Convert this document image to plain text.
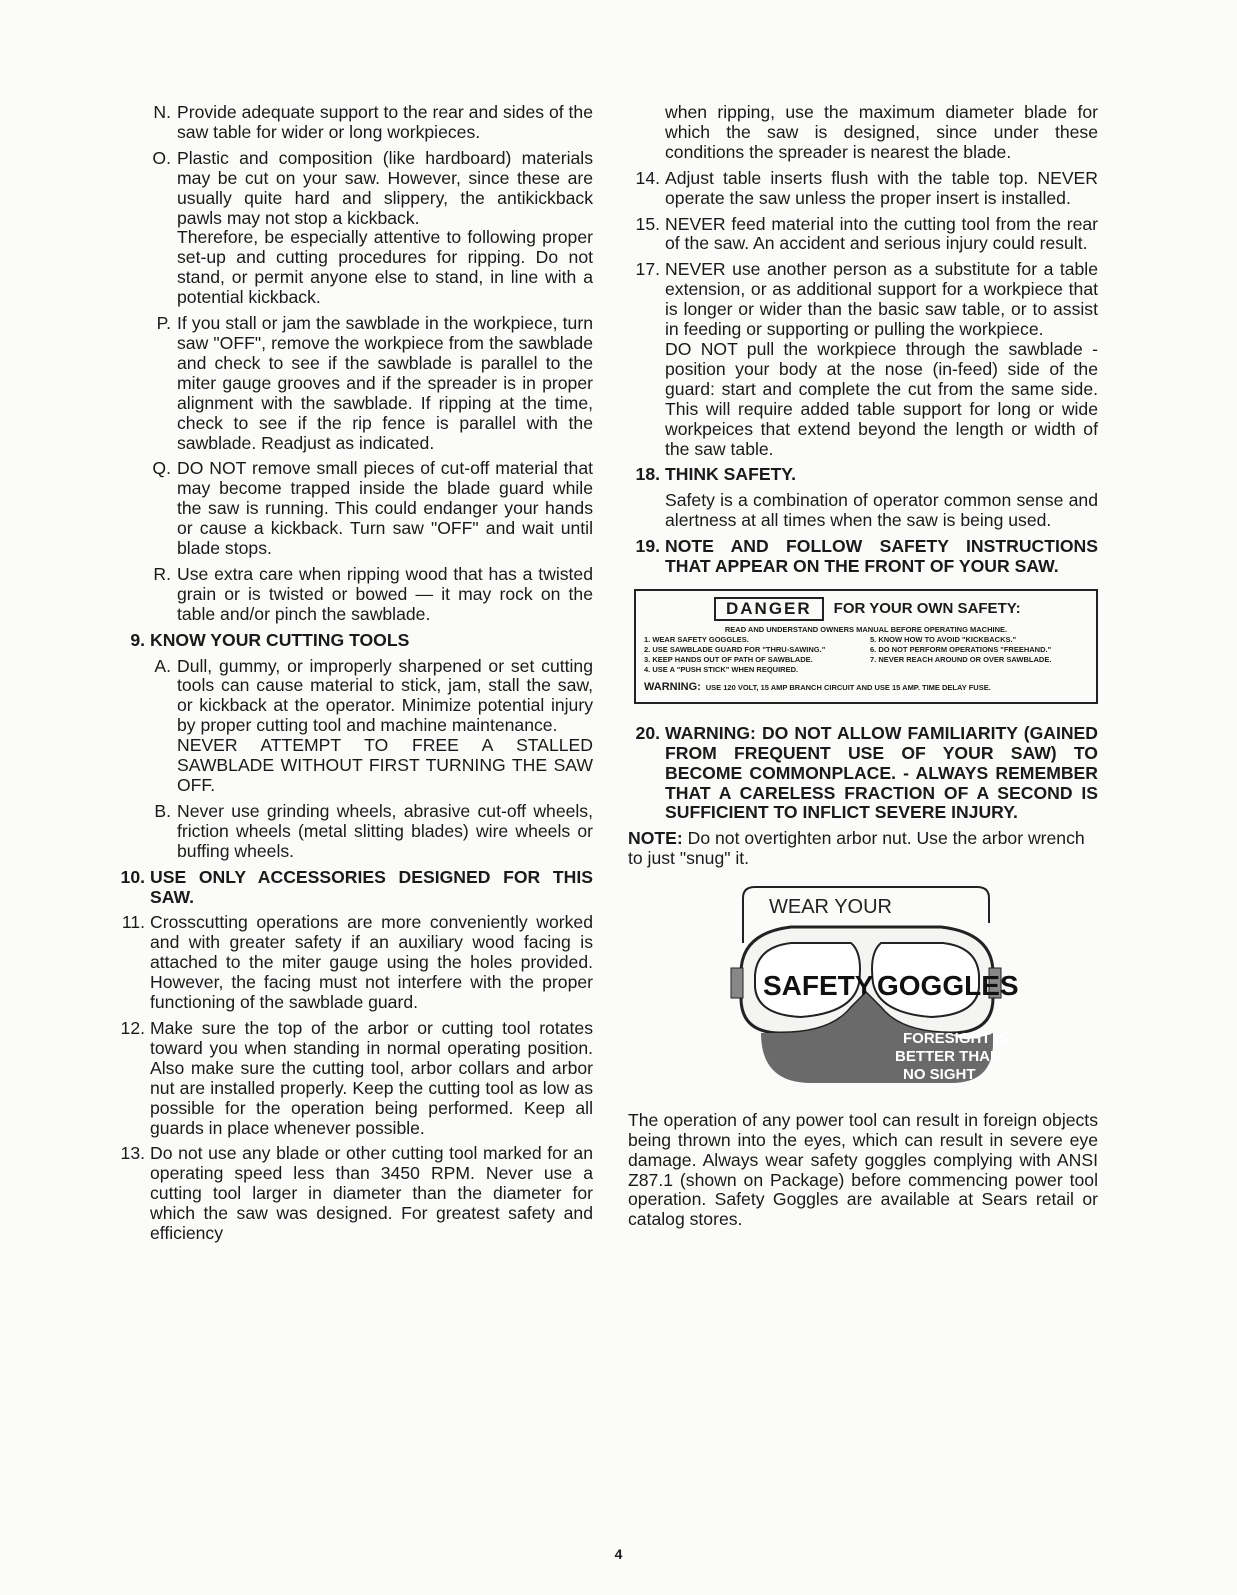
N. Provide adequate support to the rear and sides of the saw table for wider or long workpieces.

O. Plastic and composition (like hardboard) materials may be cut on your saw. However, since these are usually quite hard and slippery, the antikickback pawls may not stop a kickback.

Therefore, be especially attentive to following proper set-up and cutting procedures for ripping. Do not stand, or permit anyone else to stand, in line with a potential kickback.

P. If you stall or jam the sawblade in the workpiece, turn saw "OFF", remove the workpiece from the sawblade and check to see if the sawblade is parallel to the miter gauge grooves and if the spreader is in proper alignment with the sawblade. If ripping at the time, check to see if the rip fence is parallel with the sawblade. Readjust as indicated.

Q. DO NOT remove small pieces of cut-off material that may become trapped inside the blade guard while the saw is running. This could endanger your hands or cause a kickback. Turn saw "OFF" and wait until blade stops.

R. Use extra care when ripping wood that has a twisted grain or is twisted or bowed — it may rock on the table and/or pinch the sawblade.

9. KNOW YOUR CUTTING TOOLS

A. Dull, gummy, or improperly sharpened or set cutting tools can cause material to stick, jam, stall the saw, or kickback at the operator. Minimize potential injury by proper cutting tool and machine maintenance.

NEVER ATTEMPT TO FREE A STALLED SAWBLADE WITHOUT FIRST TURNING THE SAW OFF.

B. Never use grinding wheels, abrasive cut-off wheels, friction wheels (metal slitting blades) wire wheels or buffing wheels.

10. USE ONLY ACCESSORIES DESIGNED FOR THIS SAW.

11. Crosscutting operations are more conveniently worked and with greater safety if an auxiliary wood facing is attached to the miter gauge using the holes provided. However, the facing must not interfere with the proper functioning of the sawblade guard.

12. Make sure the top of the arbor or cutting tool rotates toward you when standing in normal operating position. Also make sure the cutting tool, arbor collars and arbor nut are installed properly. Keep the cutting tool as low as possible for the operation being performed. Keep all guards in place whenever possible.

13. Do not use any blade or other cutting tool marked for an operating speed less than 3450 RPM. Never use a cutting tool larger in diameter than the diameter for which the saw was designed. For greatest safety and efficiency

when ripping, use the maximum diameter blade for which the saw is designed, since under these conditions the spreader is nearest the blade.

14. Adjust table inserts flush with the table top. NEVER operate the saw unless the proper insert is installed.

15. NEVER feed material into the cutting tool from the rear of the saw. An accident and serious injury could result.

17. NEVER use another person as a substitute for a table extension, or as additional support for a workpiece that is longer or wider than the basic saw table, or to assist in feeding or supporting or pulling the workpiece.

DO NOT pull the workpiece through the sawblade - position your body at the nose (in-feed) side of the guard: start and complete the cut from the same side. This will require added table support for long or wide workpeices that extend beyond the length or width of the saw table.

18. THINK SAFETY.

Safety is a combination of operator common sense and alertness at all times when the saw is being used.

19. NOTE AND FOLLOW SAFETY INSTRUCTIONS THAT APPEAR ON THE FRONT OF YOUR SAW.

DANGER	FOR YOUR OWN SAFETY:
READ AND UNDERSTAND OWNERS MANUAL BEFORE OPERATING MACHINE.
1. WEAR SAFETY GOGGLES.	5. KNOW HOW TO AVOID "KICKBACKS."
2. USE SAWBLADE GUARD FOR "THRU-SAWING."	6. DO NOT PERFORM OPERATIONS "FREEHAND."
3. KEEP HANDS OUT OF PATH OF SAWBLADE.	7. NEVER REACH AROUND OR OVER SAWBLADE.
4. USE A "PUSH STICK" WHEN REQUIRED.
WARNING: USE 120 VOLT, 15 AMP BRANCH CIRCUIT AND USE 15 AMP. TIME DELAY FUSE.
20. WARNING: DO NOT ALLOW FAMILIARITY (GAINED FROM FREQUENT USE OF YOUR SAW) TO BECOME COMMONPLACE. - ALWAYS REMEMBER THAT A CARELESS FRACTION OF A SECOND IS SUFFICIENT TO INFLICT SEVERE INJURY.

NOTE: Do not overtighten arbor nut. Use the arbor wrench to just "snug" it.
WEAR YOUR
SAFETY GOGGLES
FORESIGHT IS
BETTER THAN
NO SIGHT

The operation of any power tool can result in foreign objects being thrown into the eyes, which can result in severe eye damage. Always wear safety goggles complying with ANSI Z87.1 (shown on Package) before commencing power tool operation. Safety Goggles are available at Sears retail or catalog stores.

4
